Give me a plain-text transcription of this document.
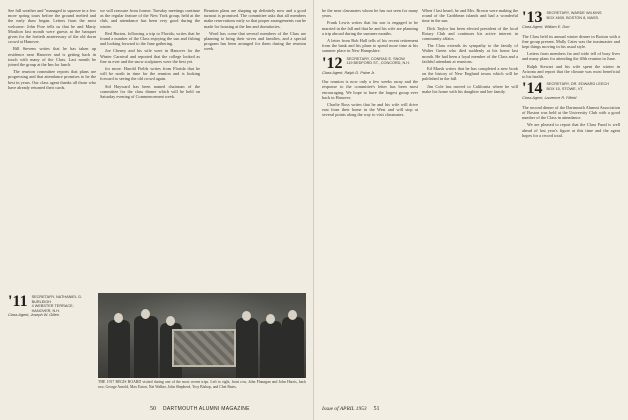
See full weather and "managed to squeeze in a few more spring tours before the ground melted and the early thaw began. Letters from the most welcome: John Pore tells us that he and Marty Moulton last month were guests at the banquet given for the fortieth anniversary of the old dorm crowd at Hanover.

Bill Stevens writes that he has taken up residence near Hanover and is getting back in touch with many of the Class. Last month he joined the group at the Inn for lunch.

The reunion committee reports that plans are progressing and that attendance promises to be the best in years. Our class agent thanks all those who have already returned their cards.

we will reassure from former. Tuesday meetings continue as the regular feature of the New York group, held at the club, and attendance has been very good during the winter.

Red Burton, following a trip to Florida, writes that he found a number of the Class enjoying the sun and fishing and looking forward to the June gathering.

Joe Cheney and his wife were in Hanover for the Winter Carnival and reported that the college looked as fine as ever and the snow sculptures were the best yet.

for more. Harold Fields writes from Florida that he will be north in time for the reunion and is looking forward to seeing the old crowd again.

Sid Hayward has been named chairman of the committee for the class dinner which will be held on Saturday evening of Commencement week.

Reunion plans are shaping up definitely now and a good turnout is promised. The committee asks that all members make reservations early so that proper arrangements can be made for housing at the Inn and dormitories.

Word has come that several members of the Class are planning to bring their wives and families, and a special program has been arranged for them during the reunion week.

'11	SECRETARY, NATHANIEL G. BURLEIGH
4 WEBSTER TERRACE, HANOVER, N.H.
Class Agent, Joseph W. Gillen
THE 1917 REGIS BOARD visited during one of the most recent trips. Left to right, front row, John Flanagan and John Harris, back row, George Arnold, Max Eaton, Nat Walker, John Shepherd, Troy Bishop, and Chet Bates.
50 DARTMOUTH ALUMNI MAGAZINE

be the near classmates whom he has not seen for many years.

Frank Lewis writes that his son is engaged to be married in the fall and that he and his wife are planning a trip abroad during the summer months.

A letter from Bob Hall tells of his recent retirement from the bank and his plans to spend more time at his summer place in New Hampshire.

'12	SECRETARY, CONRAD E. SNOW
119 BEDFORD ST., CONCORD, N.H.
Class Agent, Ralph D. Paine Jr.

Our reunion is now only a few weeks away and the response to the committee's letter has been most encouraging. We hope to have the largest group ever back in Hanover.

Charlie Ross writes that he and his wife will drive east from their home in the West and will stop at several points along the way to visit classmates.

When I last heard, he and Mrs. Brown were making the round of the Caribbean islands and had a wonderful time in the sun.

Dick Taylor has been elected president of the local Rotary Club and continues his active interest in community affairs.

The Class extends its sympathy to the family of Walter Green who died suddenly at his home last month. He had been a loyal member of the Class and a faithful attendant at reunions.

Ed Marsh writes that he has completed a new book on the history of New England towns which will be published in the fall.

Jim Cole has moved to California where he will make his home with his daughter and her family.

'13	SECRETARY, WARDE WILKINS
BOX 4605, BOSTON 8, MASS.
Class Agent, William E. Dorr

The Class held its annual winter dinner in Boston with a fine group present. Mally Cates was the toastmaster and kept things moving in his usual style.

Letters from members far and wide tell of busy lives and many plans for attending the 40th reunion in June.

Ralph Stewart and his wife spent the winter in Arizona and report that the climate was most beneficial to his health.

'14	SECRETARY, DR. EDWARD LEECH
BOX 15, STOWE, VT.
Class Agent, Laurence R. Fifield

The second dinner of the Dartmouth Alumni Association of Boston was held at the University Club with a good number of the Class in attendance.

We are pleased to report that the Class Fund is well ahead of last year's figure at this time and the agent hopes for a record total.

Issue of APRIL 1953 51
